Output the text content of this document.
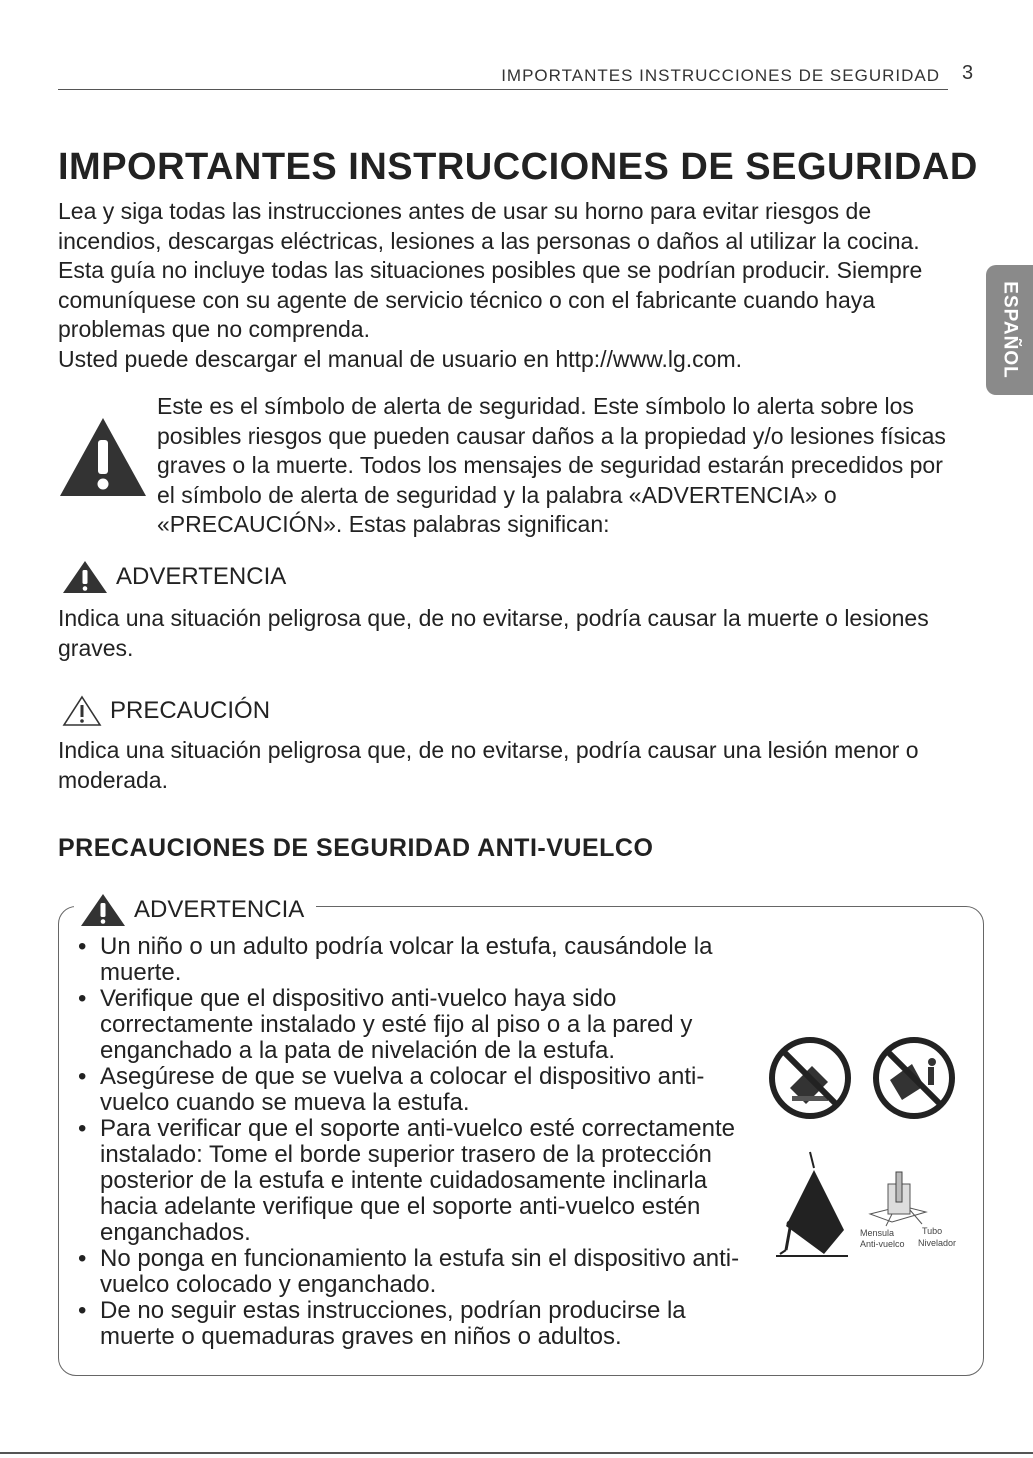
IMPORTANTES INSTRUCCIONES DE SEGURIDAD 3
ESPAÑOL
IMPORTANTES INSTRUCCIONES DE SEGURIDAD

Lea y siga todas las instrucciones antes de usar su horno para evitar riesgos de incendios, descargas eléctricas, lesiones a las personas o daños al utilizar la cocina. Esta guía no incluye todas las situaciones posibles que se podrían producir. Siempre comuníquese con su agente de servicio técnico o con el fabricante cuando haya problemas que no comprenda.

Usted puede descargar el manual de usuario en http://www.lg.com.

Este es el símbolo de alerta de seguridad. Este símbolo lo alerta sobre los posibles riesgos que pueden causar daños a la propiedad y/o lesiones físicas graves o la muerte. Todos los mensajes de seguridad estarán precedidos por el símbolo de alerta de seguridad y la palabra «ADVERTENCIA» o «PRECAUCIÓN». Estas palabras significan:

ADVERTENCIA
Indica una situación peligrosa que, de no evitarse, podría causar la muerte o lesiones graves.
PRECAUCIÓN
Indica una situación peligrosa que, de no evitarse, podría causar una lesión menor o moderada.
PRECAUCIONES DE SEGURIDAD ANTI-VUELCO
ADVERTENCIA
• Un niño o un adulto podría volcar la estufa, causándole la muerte.
• Verifique que el dispositivo anti-vuelco haya sido correctamente instalado y esté fijo al piso o a la pared y enganchado a la pata de nivelación de la estufa.
• Asegúrese de que se vuelva a colocar el dispositivo anti-vuelco cuando se mueva la estufa.
• Para verificar que el soporte anti-vuelco esté correctamente instalado: Tome el borde superior trasero de la protección posterior de la estufa e intente cuidadosamente inclinarla hacia adelante verifique que el soporte anti-vuelco estén enganchados.
• No ponga en funcionamiento la estufa sin el dispositivo anti-vuelco colocado y enganchado.
• De no seguir estas instrucciones, podrían producirse la muerte o quemaduras graves en niños o adultos.
Mensula
Anti-vuelco
Tubo
Nivelador
